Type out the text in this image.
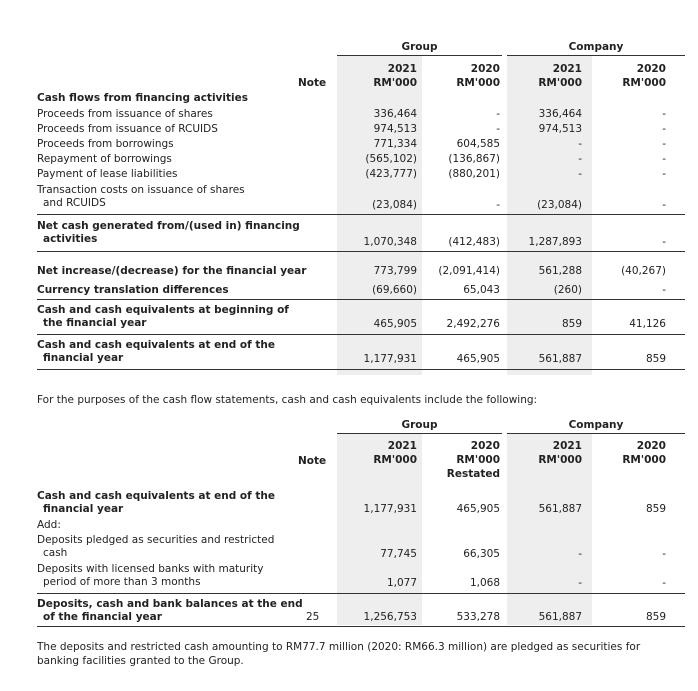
Group	Company
Note
2021	2020	2021	2020
RM'000	RM'000	RM'000	RM'000
Cash flows from financing activities
Proceeds from issuance of shares	336,464	-	336,464	-
Proceeds from issuance of RCUIDS	974,513	-	974,513	-
Proceeds from borrowings	771,334	604,585	-	-
Repayment of borrowings	(565,102)	(136,867)	-	-
Payment of lease liabilities	(423,777)	(880,201)	-	-
Transaction costs on issuance of shares
and RCUIDS	(23,084)	-	(23,084)	-
Net cash generated from/(used in) financing
activities	1,070,348	(412,483)	1,287,893	-
Net increase/(decrease) for the financial year	773,799	(2,091,414)	561,288	(40,267)
Currency translation differences	(69,660)	65,043	(260)	-
Cash and cash equivalents at beginning of
the financial year	465,905	2,492,276	859	41,126
Cash and cash equivalents at end of the
financial year	1,177,931	465,905	561,887	859
For the purposes of the cash flow statements, cash and cash equivalents include the following:
Group	Company
Note
2021	2020	2021	2020
RM'000	RM'000	RM'000	RM'000
Restated
Cash and cash equivalents at end of the
financial year	1,177,931	465,905	561,887	859
Add:
Deposits pledged as securities and restricted
cash	77,745	66,305	-	-
Deposits with licensed banks with maturity
period of more than 3 months	1,077	1,068	-	-
Deposits, cash and bank balances at the end
of the financial year	25	1,256,753	533,278	561,887	859
The deposits and restricted cash amounting to RM77.7 million (2020: RM66.3 million) are pledged as securities for banking facilities granted to the Group.
